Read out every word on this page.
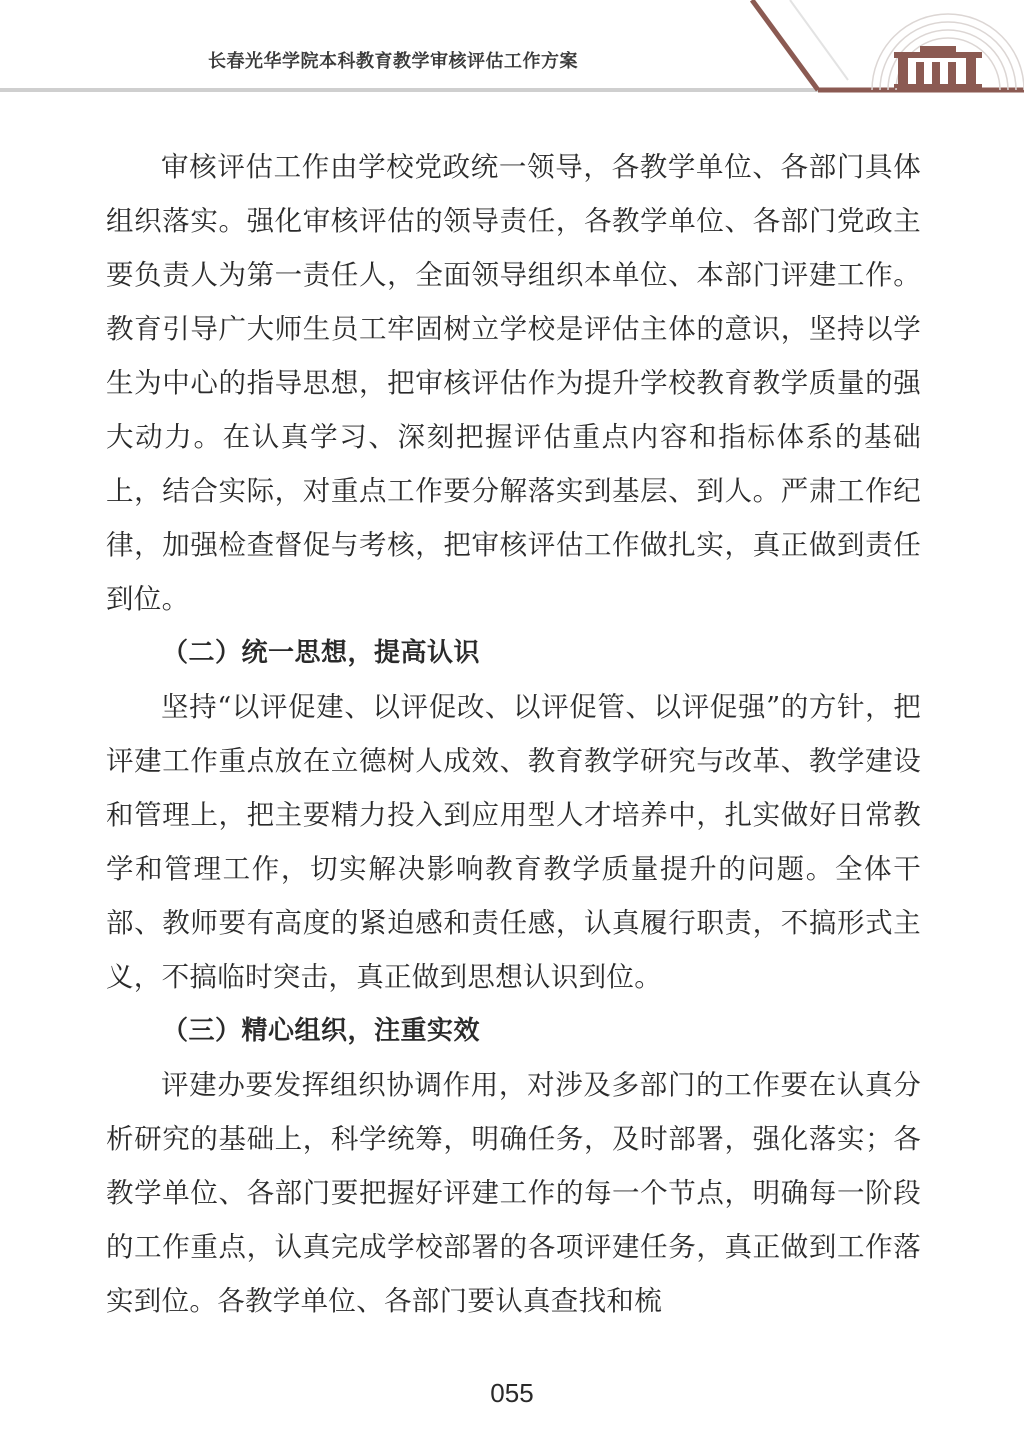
长春光华学院本科教育教学审核评估工作方案

审核评估工作由学校党政统一领导，各教学单位、各部门具体组织落实。强化审核评估的领导责任，各教学单位、各部门党政主要负责人为第一责任人，全面领导组织本单位、本部门评建工作。教育引导广大师生员工牢固树立学校是评估主体的意识，坚持以学生为中心的指导思想，把审核评估作为提升学校教育教学质量的强大动力。在认真学习、深刻把握评估重点内容和指标体系的基础上，结合实际，对重点工作要分解落实到基层、到人。严肃工作纪律，加强检查督促与考核，把审核评估工作做扎实，真正做到责任到位。

（二）统一思想，提高认识

坚持“以评促建、以评促改、以评促管、以评促强”的方针，把评建工作重点放在立德树人成效、教育教学研究与改革、教学建设和管理上，把主要精力投入到应用型人才培养中，扎实做好日常教学和管理工作，切实解决影响教育教学质量提升的问题。全体干部、教师要有高度的紧迫感和责任感，认真履行职责，不搞形式主义，不搞临时突击，真正做到思想认识到位。

（三）精心组织，注重实效

评建办要发挥组织协调作用，对涉及多部门的工作要在认真分析研究的基础上，科学统筹，明确任务，及时部署，强化落实；各教学单位、各部门要把握好评建工作的每一个节点，明确每一阶段的工作重点，认真完成学校部署的各项评建任务，真正做到工作落实到位。各教学单位、各部门要认真查找和梳

055
